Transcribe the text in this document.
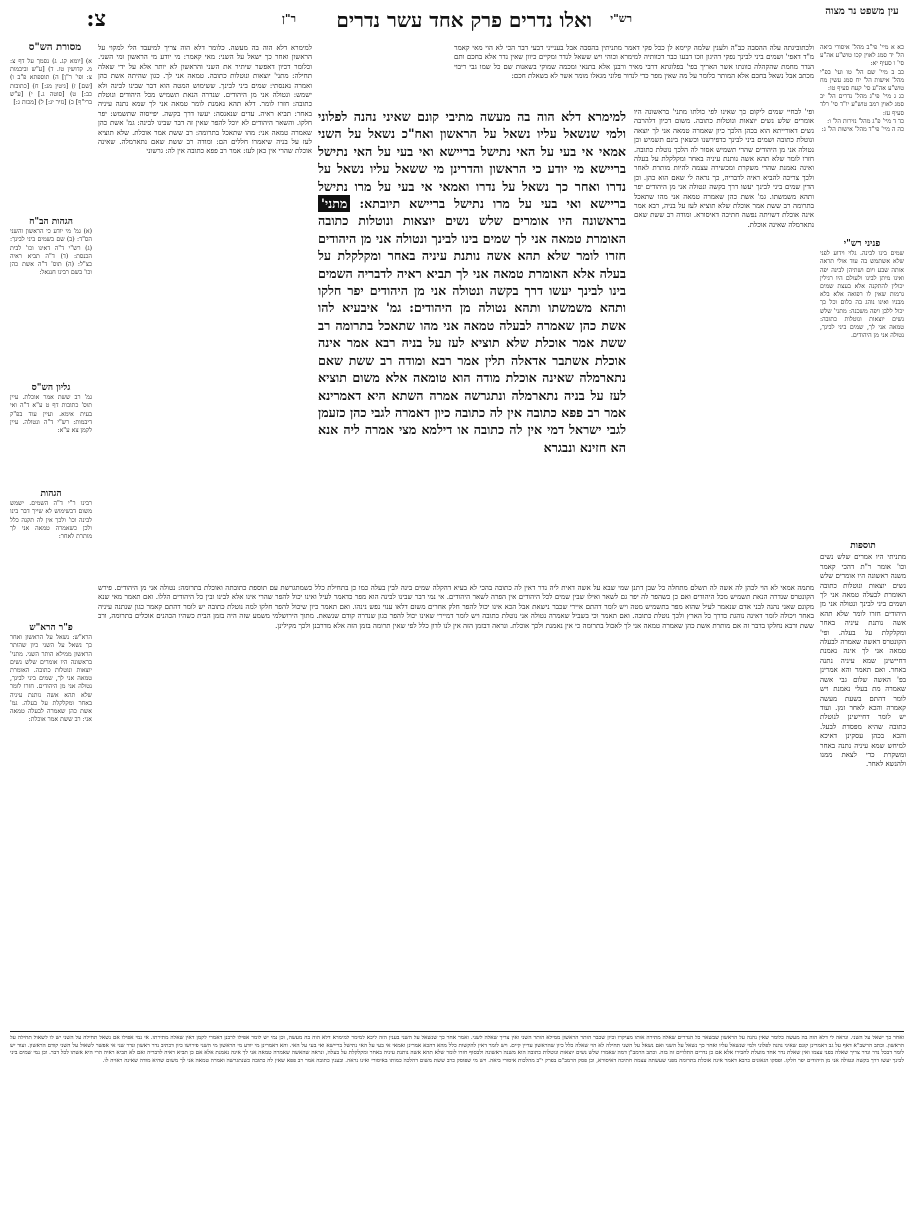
צ:	ר"ן ואלו נדרים פרק אחד עשר נדרים רש"י
מסורת הש"ס
עין משפט נר מצוה
כא א מיי' פי"ב מהל' איסורי ביאה הל' יד סמג לאוין קכו טוש"ע אה"ע סי' ו סעיף יא:
כב ב מיי' שם הל' טו ועי' בפ"י מהל' אישות הל' יח סמג עשין מח טוש"ע אה"ע סי' קעח סעיף טו:
כג ג מיי' פי"ג מהל' נדרים הל' יב סמג לאוין רמב טוש"ע יו"ד סי' רלד סעיף עז:
כד ד מיי' פ"ג מהל' נזירות הל' ו:
כה ה מיי' פי"ד מהל' אישות הל' ג:
פניני רש"י
שמים בינו לבינה. גלוי וידוע לפני שלא אשתמש בה עוד אולי תראה אותה שבע ויום ושתיהן לבינה יפה ואינו מיתן לבינו ולעולם היו רגילין יכולין להתקנה אלא בעצת שמים גרמות שאין לו רפואה אלא בלא מבניו ואינו נוהג בה כלום וכל כך יכול ללבן ויפה משכנה: מתני' שלש נשים יוצאות ונוטלות כתובה: טמאה אני לך, שמים ביני לבינך, נטולה אני מן היהודים.
תוספות
מתניתי היו אמרים שלש נשים וכו' אומר ר"ת דהכי קאמר משנה ראשונה היו אומרים שלש נשים יוצאות ונוטלות כתובה האומרת לבעלה טמאה אני לך ושמים ביני לבינך ונטולה אני מן היהודים חזרו לומר שלא תהא אשה נותנת עיניה באחר ומקלקלת על בעלה. ופי' הקונטרס דאשה שאמרה לבעלה טמאה אני לך אינה נאמנת דחיישינן שמא עיניה נתנה באחר. ואם תאמר והא אמרינן בפ' האשה שלום גבי אשה שאמרה מת בעלי נאמנת ויש לומר דהתם בשעת מעשה קאמרה והכא לאחר זמן. ועוד יש לומר דחיישינן לנוטלת כתובה שהיא מפסדת לבעל. והכא בכהן עסקינן דאיכא למיחש שמא עיניה נתנה באחר ומשקרת כדי לצאת ממנו ולהנשא לאחר.
ולכתוביגתה עלה ההסבה כב"ה ולענין שלמה קיימא לן ככל פקי דאמר מתניתין בהסבה אבל בענייני דבעי דבר הכי לא הוי מאי קאמר מ"ד דאפי' ושמים ביני לבינך נפקי דהיגון וזכו דבעו כבר דכוותיה למימרא וכוהי ויש ששאל לנדר ומקיים כיוון שאין נדר אלא בחכם ותם הנדר מחמת שהקהלה כוונתו אשר האריך בפי' בפלוגתא דרבי מאיר ורבנן אלא בתנאי ומכמה שמוקי בשאנות שם כל שמו גבי ריבוי מכתב אבל נשאל בחכם אלא המותר כלומר על מה שאין מפר כדי לנדור פלוני מגאלו מומר אשר לא בשאלת חכם:
ופי' לבחיי שמים ליקום כך שאינו לפי כולתו מתני' בראשונה היו אומרים שלש נשים יוצאות ונוטלות כתובה. משום דכיון דלהרבה נשים דאורייתא הוא בכהן הלכך כיון שאמרה טמאה אני לך יוצאה ונוטלת כתובה ושמים ביני לבינך כדפירשנו וכשאין בינם תשמיש וכן נטולה אני מן היהודים שהרי תשמיש אסור לה הלכך נוטלת כתובה. חזרו לומר שלא תהא אשה נותנת עיניה באחר ומקלקלת על בעלה ואינה נאמנת שהרי משקרת ומכשירה עצמה להיות מותרת לאחר ולכך צריכה להביא ראיה לדבריה, כך נראה לי שאם הוא כהן. וכן הדין שמים ביני לבינך יעשו דרך בקשה ונטולה אני מן היהודים יפר ותהא משמשתו. גמ' אשת כהן שאמרה טמאה אני מהו שתאכל בתרומה רב ששת אמר אוכלת שלא תוציא לעז על בניה, רבא אמר אינה אוכלת דשויתה נפשה חתיכה דאיסורא. ומודה רב ששת שאם נתארמלה שאינה אוכלת.
למימרא דלא הוה בה מעשה מתיבי קונם שאיני נהנה לפלוני ולמי שנשאל עליו נשאל על הראשון ואח"כ נשאל על השני אמאי אי בעי על האי נתישל בריישא ואי בעי על האי נתישל בריישא מי יודע כי הראשון והדרינן מי ששאל עליו נשאל על נדרו ואחר כך נשאל על נדרו ואמאי אי בעי על מרו נתישל בריישא ואי בעי על מרו נתישל בריישא תיובתא: מתני' בראשונה היו אומרים שלש נשים יוצאות ונוטלות כתובה האומרת טמאה אני לך שמים בינו לבינך ונטולה אני מן היהודים חזרו לומר שלא תהא אשה נותנת עיניה באחר ומקלקלת על בעלה אלא האומרת טמאה אני לך תביא ראיה לדבריה השמים בינו לבינך יעשו דרך בקשה ונטולה אני מן היהודים יפר חלקו ותהא משמשתו ותהא נטולה מן היהודים: גמ' איבעיא להו אשת כהן שאמרה לבעלה טמאה אני מהו שתאכל בתרומה רב ששת אמר אוכלת שלא תוציא לעז על בניה רבא אמר אינה אוכלת אשתבר אדאלה תלין אמר רבא ומודה רב ששת שאם נתארמלה שאינה אוכלת מודה הוא טומאה אלא משום תוציא לעז על בניה נתארמלה ונתגרשה אמרה השתא היא דאמרינא אמר רב פפא כתובה אין לה כתובה כיון דאמרה לגבי כהן כזעמן לגבי ישראל דמי אין לה כתובה או דילמא מצי אמרה ליה אנא הא חזינא ונבגרא
למימרא דלא הוה בה מעשה. כלומר דלא הוה צריך למיעבד הלי למקוי על הראשון ואחר כך ישאל על השני: מאי קאמר: מי יודע מי הראשון ומי השני. וכלומר דכיון דאפשר שיתיר את השני והראשון לא יותר אלא על ידי שאלה תחילה: מתני' יוצאות ונוטלות כתובה. טמאה אני לך. כגון שהיתה אשת כהן ואמרה נאנסתי: שמים ביני לבינך. ששימוש המטה הוא דבר שבינו לבינה ולא ישמש: ונטולה אני מן היהודים. שנדרה הנאת תשמיש מכל היהודים ונוטלת כתובה: חזרו לומר. דלא תהא נאמנת לומר טמאה אני לך שמא נתנה עיניה באחר: תביא ראיה. עדים שנאנסה: יעשו דרך בקשה. יפייסוה שתשמש: יפר חלקו. והשאר היהודים לא יוכל להפר שאין זה דבר שבינו לבינה: גמ' אשת כהן שאמרה טמאה אני: מהו שתאכל בתרומה: רב ששת אמר אוכלת. שלא תוציא לעז על בניה שיאמרו חללים הם: ומודה רב ששת שאם נתארמלה. שאינה אוכלת שהרי אין כאן לעז: אמר רב פפא כתובה אין לה: גרשוני
א) [יומא קג. ג) נסמך על דף צ: מ. קדושין טו. ד) [ע"ש וביבמות צ: ופי' ר"ן] ה) תוספתא פ"ב ו) [שם] ז) [גיטין מג:] ח) [כתובות כב:] ט) [סוטה ג.] י) [ע"ש ברי"ף] כ) [נזיר יג:] ל) [מכות ג:]
הגהות הב"ח
(א) גמ' מי יודע כי הראשון והשני הס"ד: (ב) שם בשמים ביני לבינך: (ג) רש"י ד"ה דאינו וכו' לבית הכנסת: (ד) ד"ה תביא ראיה כצ"ל: (ה) תוס' ד"ה אשת כהן וכו' בשם רבינו חננאל:
גליון הש"ס
גמ' רב ששת אמר אוכלת. עיין תוס' כתובות דף ט ע"א ד"ה ואי בעית אימא. ועיין עוד בפ"ק דיבמות: רש"י ד"ה ונטולה. עיין לקמן צא ע"א:
הגהות
רבינו ר"י ד"ה השמים. ישמש משום דבשימוש לא שייך דבר בינו לבינה וכו' ולכך אין לה תקנה כלל ולכן כשאמרה טמאה אני לך מותרת לאחר:
פ"ר הרא"ש
הרא"ש: נשאל על הראשון ואחר כך נשאל על השני כיון שהותר הראשון ממילא הותר השני. מתני' בראשונה היו אומרים שלש נשים יוצאות ונוטלות כתובה. האומרת טמאה אני לך, שמים ביני לבינך, נטולה אני מן היהודים. חזרו לומר שלא תהא אשה נותנת עיניה באחר ומקלקלת על בעלה. גמ' אשת כהן שאמרה לבעלה טמאה אני: רב ששת אמר אוכלת:
מתמה אמאי לא הוי לכהן לה אשה לה תשלם מתחלה כל שבן דתנן שמי שבא על אשה דאית ליה נדר דאין לה כתובה בהכי לא בעיא דהקלה שמים בינה לבין בעלה כמו כן בתחילת כלל כשמתגרשת עם תוספת כתובתה ואוכלת בתרומה: נטולה אני מן היהודים. פירש הקונטרס שנדרה הנאת תשמיש מכל היהודים ואם כן כשהפר לה יפר גם לשאר ואילו שבין שמים לכל היהודים אין הפרה לשאר היהודים. אי נמי דבר שבינו לבינה הוא מפר כדאמר לעיל ואינו יכול להפר שהרי אינו אלא לבינו ובין כל היהודים הללו. ואם תאמר מאי שנא מקונם שאני נהנה לבני אדם שנאמר לעיל שהוא מפר בתשמיש מטה ויש לומר דהתם איירי שכבר נישאת אבל הכא אינו יכול להפר חלק אחרים משום דלאו ענוי נפש נינהו. ואם תאמר כיון שיכול להפר חלקו למה נוטלת כתובה יש לומר דהתם קאמר כגון שנתנה עיניה באחר ויכולה לומר דאינה נוהגת כדרך כל הארץ ולכך נוטלת כתובה. ואם תאמר וכי בשביל שאמרה נטולה אני נוטלת כתובה ויש לומר דמיירי שאינו יכול להפר כגון שנדרה קודם שנשאת. מתוך הירושלמי משמע שזה היה בזמן הבית כשהיו הכהנים אוכלים בתרומה, ורב ששת ורבא נחלקו בדבר זה אם מותרת אשת כהן שאמרה טמאה אני לך לאכול בתרומה כי אין נאמנת ולכך אוכלת. ונראה דבזמן הזה אין לנו לדון כלל לפי שאין תרומה בזמן הזה אלא מדרבנן ולכך מקילינן.
ואחר כך ישאל על השני. ונראה לי דלא הוה בה מעשה כלומר שאין נהנה על הראשון שבשאר כל הנדרים שאלה מתירה אותו מעיקרו וכיון שכבר הותר הראשון ממילא הותר השני ואין צריך שאלה לשני. ואמר אחר כך שנשאל על השני בענין הזה ליכא למימר למימרא דלא הוה בה מעשה, וכן נמי יש לומר אפילו לרבנן דאמרי לקמן דאין שאלה מתירתו. אי נמי אפילו אם נשאל תחילה על השני יש לו לשאול תחילה על הראשון. וכתב הרשב"א דאף על גב דאמרינן קונם שאיני נהנה לפלוני ולמי שנשאל עליו ואחר כך נשאל על השני ואם נשאל על השני תחילה לא הוי שאלה כלל כיון שהראשון עדיין קיים. ויש לומר דאין להקשות כלל מהא דהכא אמרינן ואמאי אי בעי על האי נתישל בריישא ואי בעי על האי. והא דאמרינן מי יודע מי הראשון מי השני פירושו כיון דכתיב נדר ראשון ונדר שני אי אפשר לשאול על השני קודם הראשון. ועוד יש לומר דבכל נדר ונדר צריך שאלה בפני עצמו ואין שאלת נדר אחד מועלת לחבירו אלא אם כן נדרים התלויים זה בזה. וכתב הרמב"ן דמה שאמרו שלש נשים יוצאות ונוטלות כתובה הוא משנה ראשונה ולבסוף חזרו לומר שלא תהא אשה נותנת עיניה באחר ומקלקלת על בעלה, ונראה שהאשה שאמרה טמאה אני לך אינה נאמנת אלא אם כן תביא ראיה לדבריה ואם לא תביא ראיה הרי היא אשתו לכל דבר. וכן נמי שמים ביני לבינך יעשו דרך בקשה ונטולה אני מן היהודים יפר חלקו. ופסקו הגאונים כרבא דאמר אינה אוכלת בתרומה מפני שעשתה עצמה חתיכה דאיסורא, וכן פסק הרמב"ם בפרק י"ב מהלכות איסורי ביאה. ויש מי שפוסק כרב ששת משום דהלכה כמותו באיסורי ואינו נראה. ובענין כתובה אמר רב פפא שאין לה כתובה כשנתגרשה ואמרה טמאה אני לך משום שהיא מודה שאינה ראויה לו.
